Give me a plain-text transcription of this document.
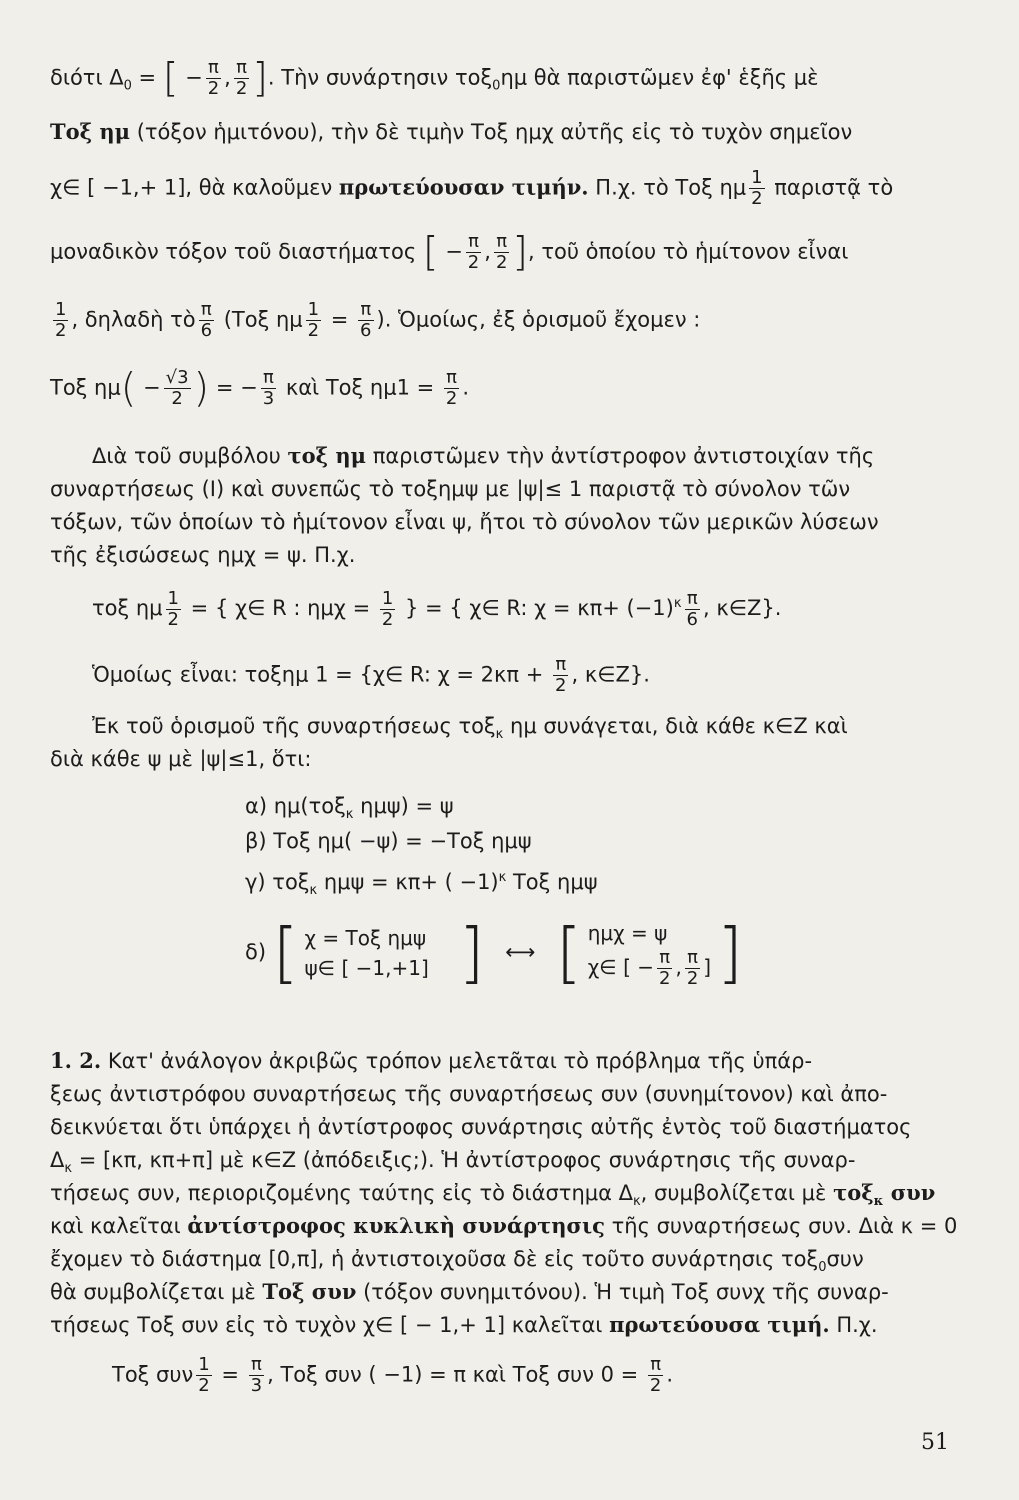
διότι $\Delta_0$ = [ − $\frac{\pi}{2}$ , $\frac{\pi}{2}$ ]. Τὴν συνάρτησιν τοξ$_0$ημ θὰ παριστῶμεν ἐφ' ἑξῆς μὲ
Τοξ ημ (τόξον ἡμιτόνου), τὴν δὲ τιμὴν Τοξ ημχ αὐτῆς εἰς τὸ τυχὸν σημεῖον
χ∈ [ −1,+ 1], θὰ καλοῦμεν πρωτεύουσαν τιμήν. Π.χ. τὸ Τοξ ημ $\frac{1}{2}$ παριστᾷ τὸ
μοναδικὸν τόξον τοῦ διαστήματος [ − $\frac{\pi}{2}$ , $\frac{\pi}{2}$ ], τοῦ ὁποίου τὸ ἡμίτονον εἶναι
$\frac{1}{2}$ , δηλαδὴ τὸ $\frac{\pi}{6} (To\xi$ ημ $\frac{1}{2} = \frac{\pi}{6}$ ). Ὁμοίως, ἐξ ὁρισμοῦ ἔχομεν :
Τοξ $\eta\mu( - \frac{√3}{2}$ ) = − $\frac{\pi}{3}$ καὶ Τοξ $\eta\mu 1 = \frac{\pi}{2}$ .
Διὰ τοῦ συμβόλου τοξ ημ παριστῶμεν τὴν ἀντίστροφον ἀντιστοιχίαν τῆς
συναρτήσεως (Ι) καὶ συνεπῶς τὸ τοξημψ με |ψ|≤ 1 παριστᾷ τὸ σύνολον τῶν
τόξων, τῶν ὁποίων τὸ ἡμίτονον εἶναι ψ, ἤτοι τὸ σύνολον τῶν μερικῶν λύσεων
τῆς ἐξισώσεως ημχ = ψ. Π.χ.
τοξ ημ $\frac{1}{2}$ = { χ∈ R : $\eta\mu\chi = \frac{1}{2}$ } = { χ∈ R: $\chi = \kappa\pi+ (-1)^\kappa \frac{\pi}{6}$ , κ∈Z}.
Ὁμοίως εἶναι: τοξημ 1 = {χ∈ R: $\chi = 2\kappa\pi + \frac{\pi}{2}$ , κ∈Z}.
Ἐκ τοῦ ὁρισμοῦ τῆς συναρτήσεως τοξ$_\kappa$ ημ συνάγεται, διὰ κάθε κ∈Z καὶ
διὰ κάθε ψ μὲ |ψ|≤1, ὅτι:
α) ημ(τοξ$_\kappa$ ημψ) = ψ
β) Τοξ ημ( −ψ) = −Τοξ ημψ
γ) τοξ$_\kappa$ ημψ = κπ+ ( −1)$^\kappa$ Τοξ ημψ
δ) [ χ = Τοξ ημψ
ψ∈ [ −1,+1] ] ⟷ [ ημχ = ψ
χ∈ [ − $\frac{\pi}{2}$ , $\frac{\pi}{2}$ ] ]
1. 2. Κατ' ἀνάλογον ἀκριβῶς τρόπον μελετᾶται τὸ πρόβλημα τῆς ὑπάρ-
ξεως ἀντιστρόφου συναρτήσεως τῆς συναρτήσεως συν (συνημίτονον) καὶ ἀπο-
δεικνύεται ὅτι ὑπάρχει ἡ ἀντίστροφος συνάρτησις αὐτῆς ἐντὸς τοῦ διαστήματος
$\Delta_\kappa = [\kappa\pi$, κπ+π] μὲ κ∈Z (ἀπόδειξις;). Ἡ ἀντίστροφος συνάρτησις τῆς συναρ-
τήσεως συν, περιοριζομένης ταύτης εἰς τὸ διάστημα $\Delta_\kappa$, συμβολίζεται μὲ τοξ$_\kappa$ συν
καὶ καλεῖται ἀντίστροφος κυκλικὴ συνάρτησις τῆς συναρτήσεως συν. Διὰ κ = 0
ἔχομεν τὸ διάστημα [0,π], ἡ ἀντιστοιχοῦσα δὲ εἰς τοῦτο συνάρτησις τοξ$_0$συν
θὰ συμβολίζεται μὲ Τοξ συν (τόξον συνημιτόνου). Ἡ τιμὴ Τοξ συνχ τῆς συναρ-
τήσεως Τοξ συν εἰς τὸ τυχὸν χ∈ [ − 1,+ 1] καλεῖται πρωτεύουσα τιμή. Π.χ.
Τοξ συν $\frac{1}{2} = \frac{\pi}{3}$ , Τοξ συν ( −1) = π καὶ Τοξ συν $0 = \frac{\pi}{2}$ .
51
